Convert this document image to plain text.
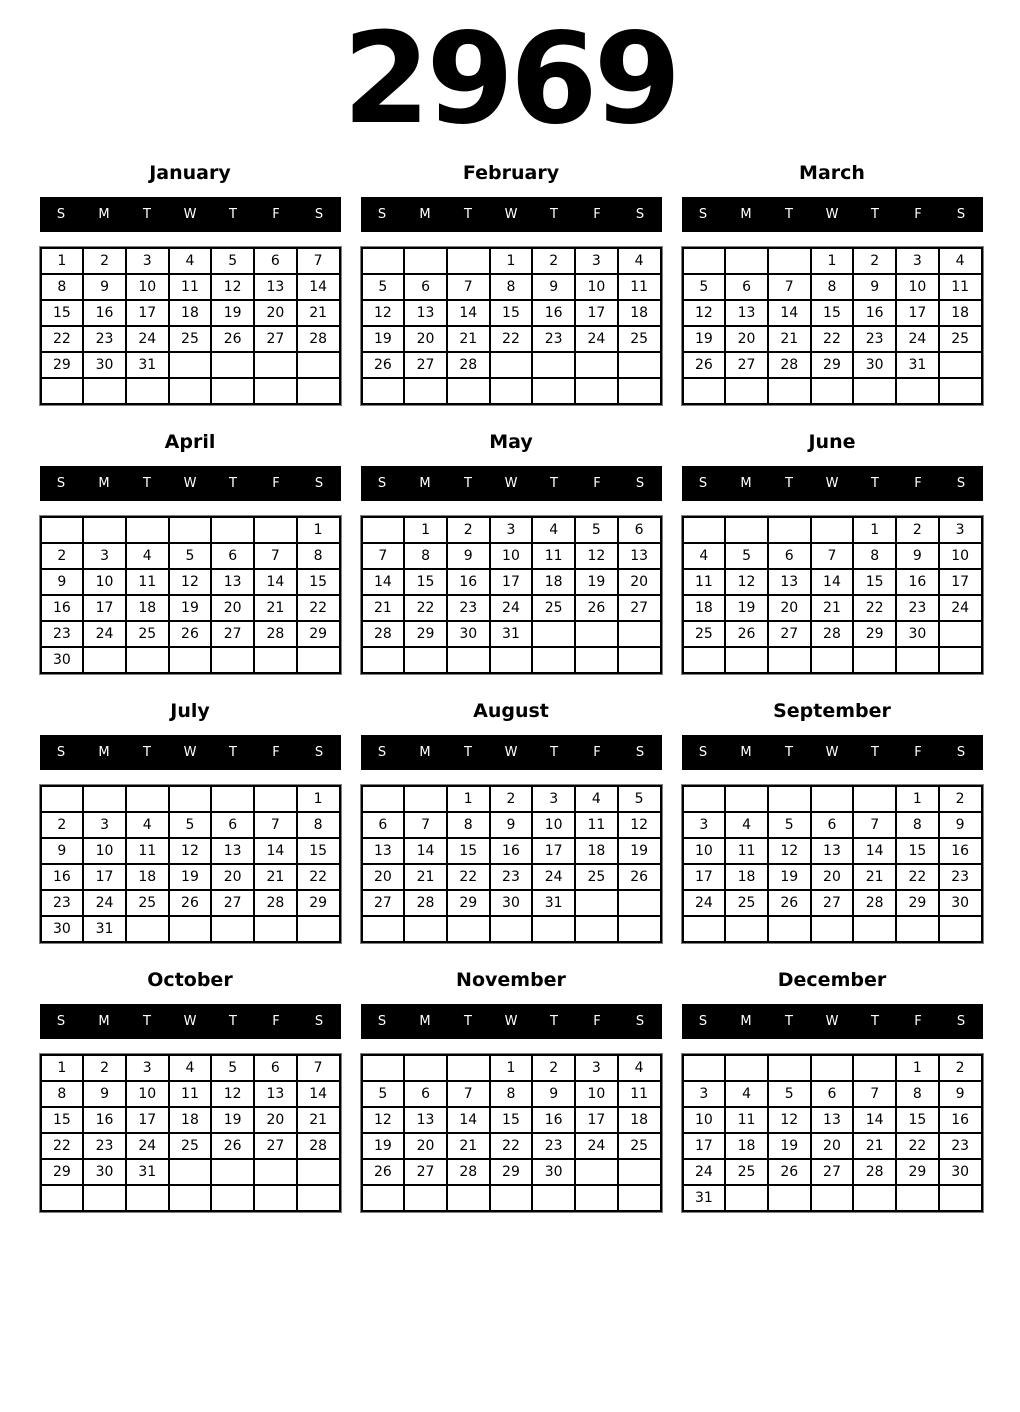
2969
January
S	M	T	W	T	F	S
1	2	3	4	5	6	7
8	9	10	11	12	13	14
15	16	17	18	19	20	21
22	23	24	25	26	27	28
29	30	31				

February
S	M	T	W	T	F	S
			1	2	3	4
5	6	7	8	9	10	11
12	13	14	15	16	17	18
19	20	21	22	23	24	25
26	27	28				

March
S	M	T	W	T	F	S
			1	2	3	4
5	6	7	8	9	10	11
12	13	14	15	16	17	18
19	20	21	22	23	24	25
26	27	28	29	30	31	

April
S	M	T	W	T	F	S
						1
2	3	4	5	6	7	8
9	10	11	12	13	14	15
16	17	18	19	20	21	22
23	24	25	26	27	28	29
30						
May
S	M	T	W	T	F	S
	1	2	3	4	5	6
7	8	9	10	11	12	13
14	15	16	17	18	19	20
21	22	23	24	25	26	27
28	29	30	31			

June
S	M	T	W	T	F	S
				1	2	3
4	5	6	7	8	9	10
11	12	13	14	15	16	17
18	19	20	21	22	23	24
25	26	27	28	29	30	

July
S	M	T	W	T	F	S
						1
2	3	4	5	6	7	8
9	10	11	12	13	14	15
16	17	18	19	20	21	22
23	24	25	26	27	28	29
30	31					
August
S	M	T	W	T	F	S
		1	2	3	4	5
6	7	8	9	10	11	12
13	14	15	16	17	18	19
20	21	22	23	24	25	26
27	28	29	30	31		

September
S	M	T	W	T	F	S
					1	2
3	4	5	6	7	8	9
10	11	12	13	14	15	16
17	18	19	20	21	22	23
24	25	26	27	28	29	30

October
S	M	T	W	T	F	S
1	2	3	4	5	6	7
8	9	10	11	12	13	14
15	16	17	18	19	20	21
22	23	24	25	26	27	28
29	30	31				

November
S	M	T	W	T	F	S
			1	2	3	4
5	6	7	8	9	10	11
12	13	14	15	16	17	18
19	20	21	22	23	24	25
26	27	28	29	30		

December
S	M	T	W	T	F	S
					1	2
3	4	5	6	7	8	9
10	11	12	13	14	15	16
17	18	19	20	21	22	23
24	25	26	27	28	29	30
31						
